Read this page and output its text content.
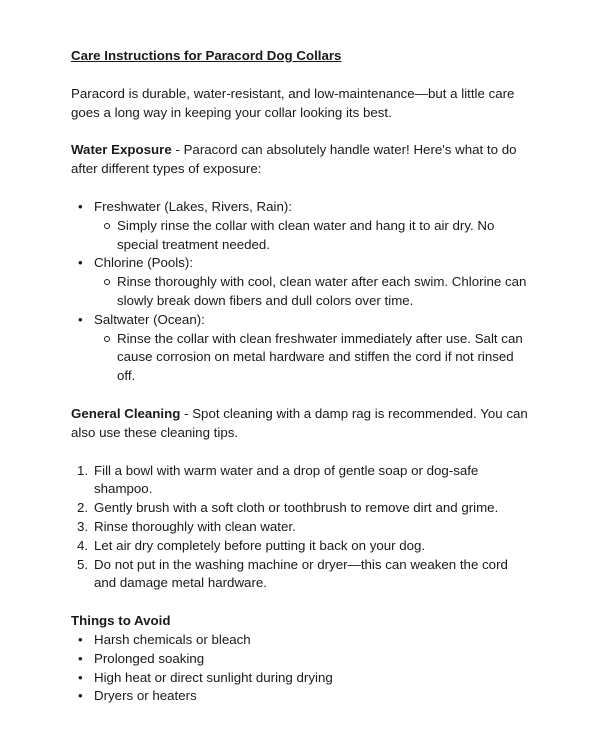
Care Instructions for Paracord Dog Collars

Paracord is durable, water-resistant, and low-maintenance—but a little care goes a long way in keeping your collar looking its best.

Water Exposure - Paracord can absolutely handle water! Here's what to do after different types of exposure:

• Freshwater (Lakes, Rivers, Rain):
Simply rinse the collar with clean water and hang it to air dry. No special treatment needed.
• Chlorine (Pools):
Rinse thoroughly with cool, clean water after each swim. Chlorine can slowly break down fibers and dull colors over time.
• Saltwater (Ocean):
Rinse the collar with clean freshwater immediately after use. Salt can cause corrosion on metal hardware and stiffen the cord if not rinsed off.

General Cleaning - Spot cleaning with a damp rag is recommended. You can also use these cleaning tips.

1. Fill a bowl with warm water and a drop of gentle soap or dog-safe shampoo.
2. Gently brush with a soft cloth or toothbrush to remove dirt and grime.
3. Rinse thoroughly with clean water.
4. Let air dry completely before putting it back on your dog.
5. Do not put in the washing machine or dryer—this can weaken the cord and damage metal hardware.
Things to Avoid
• Harsh chemicals or bleach
• Prolonged soaking
• High heat or direct sunlight during drying
• Dryers or heaters
